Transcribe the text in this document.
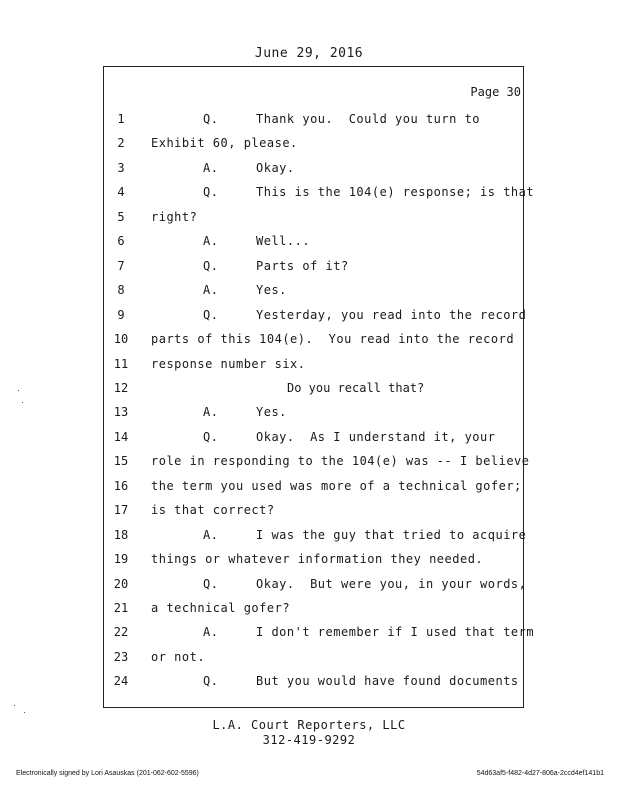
June 29, 2016
Page 30
1	Q.	Thank you.  Could you turn to
2	Exhibit 60, please.
3	A.	Okay.
4	Q.	This is the 104(e) response; is that
5	right?
6	A.	Well...
7	Q.	Parts of it?
8	A.	Yes.
9	Q.	Yesterday, you read into the record
10	parts of this 104(e).  You read into the record
11	response number six.
12	Do you recall that?
13	A.	Yes.
14	Q.	Okay.  As I understand it, your
15	role in responding to the 104(e) was -- I believe
16	the term you used was more of a technical gofer;
17	is that correct?
18	A.	I was the guy that tried to acquire
19	things or whatever information they needed.
20	Q.	Okay.  But were you, in your words,
21	a technical gofer?
22	A.	I don't remember if I used that term
23	or not.
24	Q.	But you would have found documents
L.A. Court Reporters, LLC
312-419-9292
Electronically signed by Lori Asauskas (201-062-602-5596)	54d63af5-f482-4d27-806a-2ccd4ef141b1
